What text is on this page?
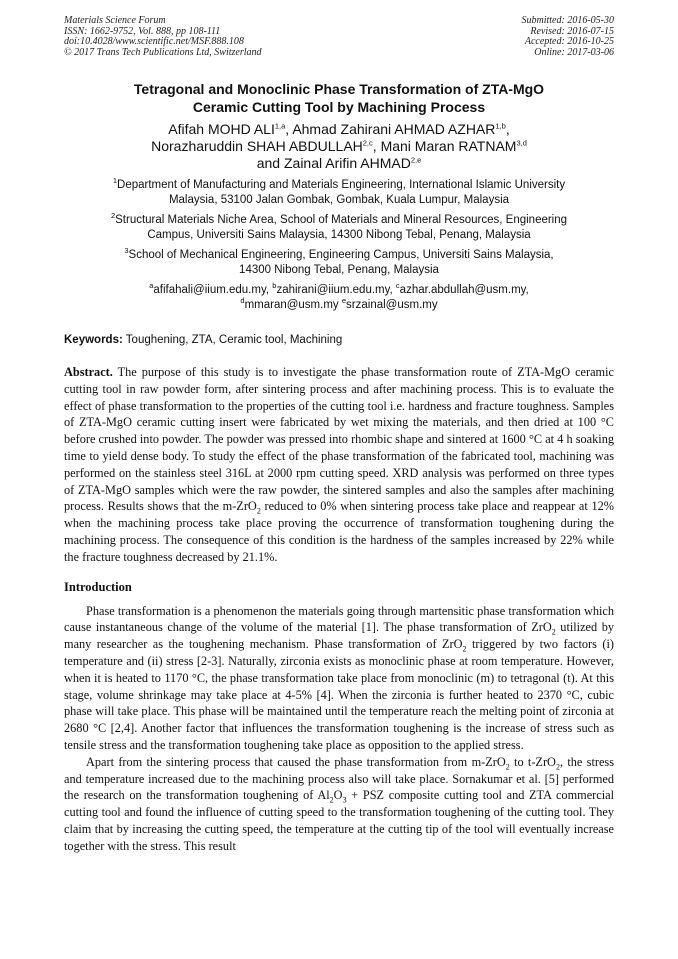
Materials Science Forum
ISSN: 1662-9752, Vol. 888, pp 108-111
doi:10.4028/www.scientific.net/MSF.888.108
© 2017 Trans Tech Publications Ltd, Switzerland
Submitted: 2016-05-30
Revised: 2016-07-15
Accepted: 2016-10-25
Online: 2017-03-06
Tetragonal and Monoclinic Phase Transformation of ZTA-MgO
Ceramic Cutting Tool by Machining Process
Afifah MOHD ALI$^{1,a}$, Ahmad Zahirani AHMAD AZHAR$^{1,b}$,
Norazharuddin SHAH ABDULLAH$^{2,c}$, Mani Maran RATNAM$^{3,d}$
and Zainal Arifin AHMAD$^{2,e}$
$^1$Department of Manufacturing and Materials Engineering, International Islamic University
Malaysia, 53100 Jalan Gombak, Gombak, Kuala Lumpur, Malaysia
$^2$Structural Materials Niche Area, School of Materials and Mineral Resources, Engineering
Campus, Universiti Sains Malaysia, 14300 Nibong Tebal, Penang, Malaysia
$^3$School of Mechanical Engineering, Engineering Campus, Universiti Sains Malaysia,
14300 Nibong Tebal, Penang, Malaysia
$^a$afifahali@iium.edu.my, $^b$zahirani@iium.edu.my, $^c$azhar.abdullah@usm.my,
$^d$mmaran@usm.my $^e$srzainal@usm.my
Keywords: Toughening, ZTA, Ceramic tool, Machining

Abstract. The purpose of this study is to investigate the phase transformation route of ZTA-MgO ceramic cutting tool in raw powder form, after sintering process and after machining process. This is to evaluate the effect of phase transformation to the properties of the cutting tool i.e. hardness and fracture toughness. Samples of ZTA-MgO ceramic cutting insert were fabricated by wet mixing the materials, and then dried at 100 °C before crushed into powder. The powder was pressed into rhombic shape and sintered at 1600 °C at 4 h soaking time to yield dense body. To study the effect of the phase transformation of the fabricated tool, machining was performed on the stainless steel 316L at 2000 rpm cutting speed. XRD analysis was performed on three types of ZTA-MgO samples which were the raw powder, the sintered samples and also the samples after machining process. Results shows that the m-ZrO$_2$ reduced to 0% when sintering process take place and reappear at 12% when the machining process take place proving the occurrence of transformation toughening during the machining process. The consequence of this condition is the hardness of the samples increased by 22% while the fracture toughness decreased by 21.1%.

Introduction

Phase transformation is a phenomenon the materials going through martensitic phase transformation which cause instantaneous change of the volume of the material [1]. The phase transformation of ZrO$_2$ utilized by many researcher as the toughening mechanism. Phase transformation of ZrO$_2$ triggered by two factors (i) temperature and (ii) stress [2-3]. Naturally, zirconia exists as monoclinic phase at room temperature. However, when it is heated to 1170 °C, the phase transformation take place from monoclinic (m) to tetragonal (t). At this stage, volume shrinkage may take place at 4-5% [4]. When the zirconia is further heated to 2370 °C, cubic phase will take place. This phase will be maintained until the temperature reach the melting point of zirconia at 2680 °C [2,4]. Another factor that influences the transformation toughening is the increase of stress such as tensile stress and the transformation toughening take place as opposition to the applied stress.

Apart from the sintering process that caused the phase transformation from m-ZrO$_2$ to t-ZrO$_2$, the stress and temperature increased due to the machining process also will take place. Sornakumar et al. [5] performed the research on the transformation toughening of $Al_2O_3$ + PSZ composite cutting tool and ZTA commercial cutting tool and found the influence of cutting speed to the transformation toughening of the cutting tool. They claim that by increasing the cutting speed, the temperature at the cutting tip of the tool will eventually increase together with the stress. This result
